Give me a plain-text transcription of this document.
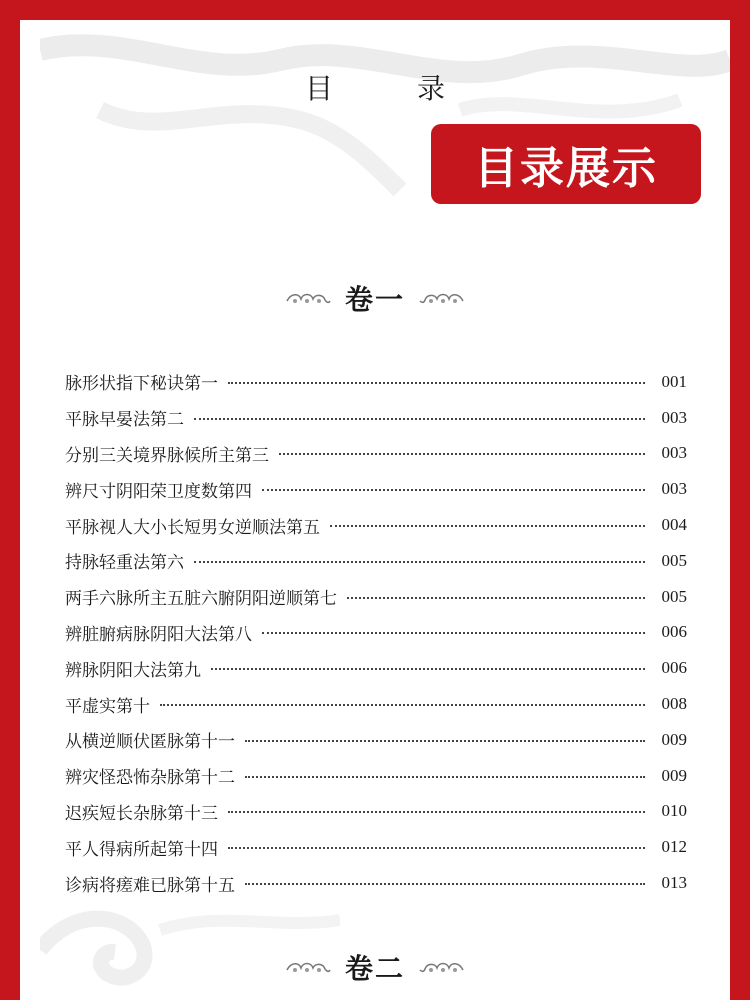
目　录
目录展示
卷一
脉形状指下秘诀第一	001
平脉早晏法第二	003
分别三关境界脉候所主第三	003
辨尺寸阴阳荣卫度数第四	003
平脉视人大小长短男女逆顺法第五	004
持脉轻重法第六	005
两手六脉所主五脏六腑阴阳逆顺第七	005
辨脏腑病脉阴阳大法第八	006
辨脉阴阳大法第九	006
平虚实第十	008
从横逆顺伏匿脉第十一	009
辨灾怪恐怖杂脉第十二	009
迟疾短长杂脉第十三	010
平人得病所起第十四	012
诊病将瘥难已脉第十五	013
卷二
